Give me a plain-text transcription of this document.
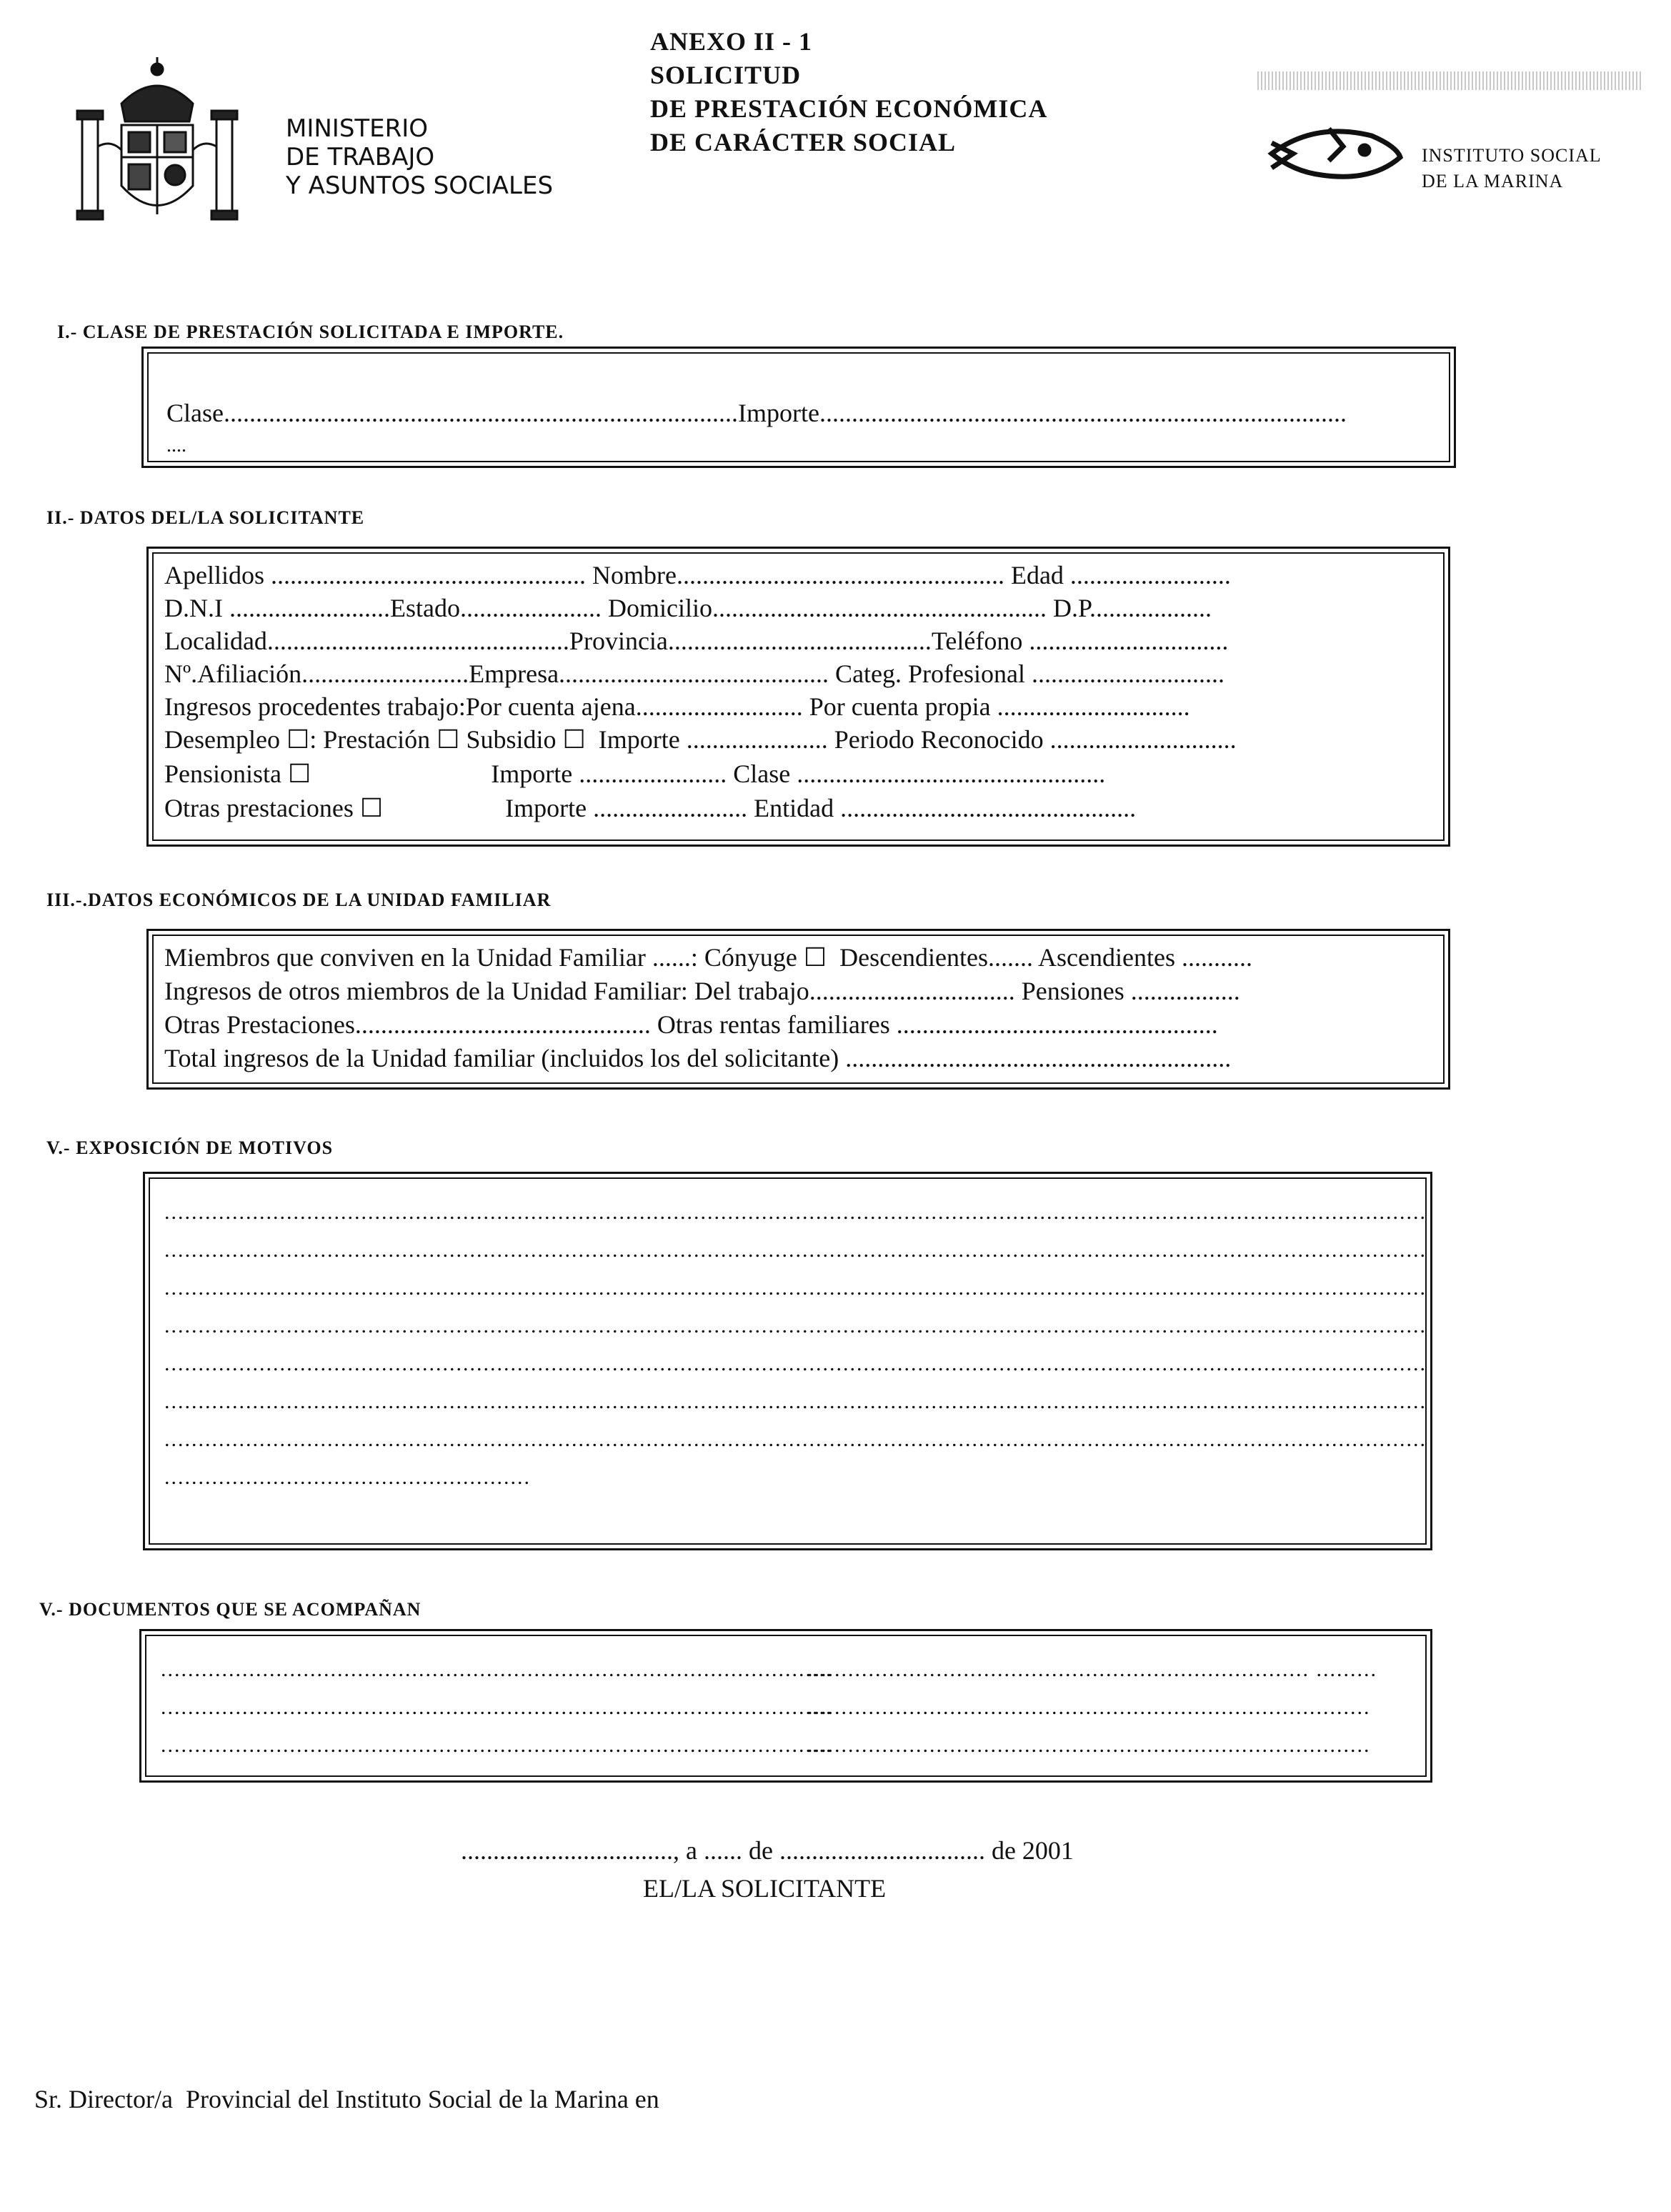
MINISTERIO
DE TRABAJO
Y ASUNTOS SOCIALES
ANEXO II - 1
SOLICITUD
DE PRESTACIÓN ECONÓMICA
DE CARÁCTER SOCIAL	INSTITUTO SOCIAL
DE LA MARINA
I.- CLASE DE PRESTACIÓN SOLICITADA E IMPORTE.
Clase................................................................................Importe..................................................................................
....
II.- DATOS DEL/LA SOLICITANTE
Apellidos ................................................. Nombre................................................... Edad .........................
D.N.I .........................Estado...................... Domicilio.................................................... D.P...................
Localidad...............................................Provincia.........................................Teléfono ...............................
Nº.Afiliación..........................Empresa.......................................... Categ. Profesional ..............................
Ingresos procedentes trabajo:Por cuenta ajena.......................... Por cuenta propia ..............................
Desempleo ☐: Prestación ☐ Subsidio ☐  Importe ...................... Periodo Reconocido .............................
Pensionista ☐                            Importe ....................... Clase ................................................
Otras prestaciones ☐                   Importe ........................ Entidad ..............................................
III.-.DATOS ECONÓMICOS DE LA UNIDAD FAMILIAR
Miembros que conviven en la Unidad Familiar ......: Cónyuge ☐  Descendientes....... Ascendientes ...........
Ingresos de otros miembros de la Unidad Familiar: Del trabajo................................ Pensiones .................
Otras Prestaciones.............................................. Otras rentas familiares ..................................................
Total ingresos de la Unidad familiar (incluidos los del solicitante) ............................................................
V.- EXPOSICIÓN DE MOTIVOS
..........................................................................................................................................................................................
..........................................................................................................................................................................................
..........................................................................................................................................................................................
..........................................................................................................................................................................................
..........................................................................................................................................................................................
..........................................................................................................................................................................................
..........................................................................................................................................................................................
......................................................
V.- DOCUMENTOS QUE SE ACOMPAÑAN
...................................................................................................
...................................................................................................
...................................................................................................
.......................................................................... .........
...................................................................................
...................................................................................
................................., a ...... de ................................ de 2001
EL/LA SOLICITANTE
Sr. Director/a  Provincial del Instituto Social de la Marina en
